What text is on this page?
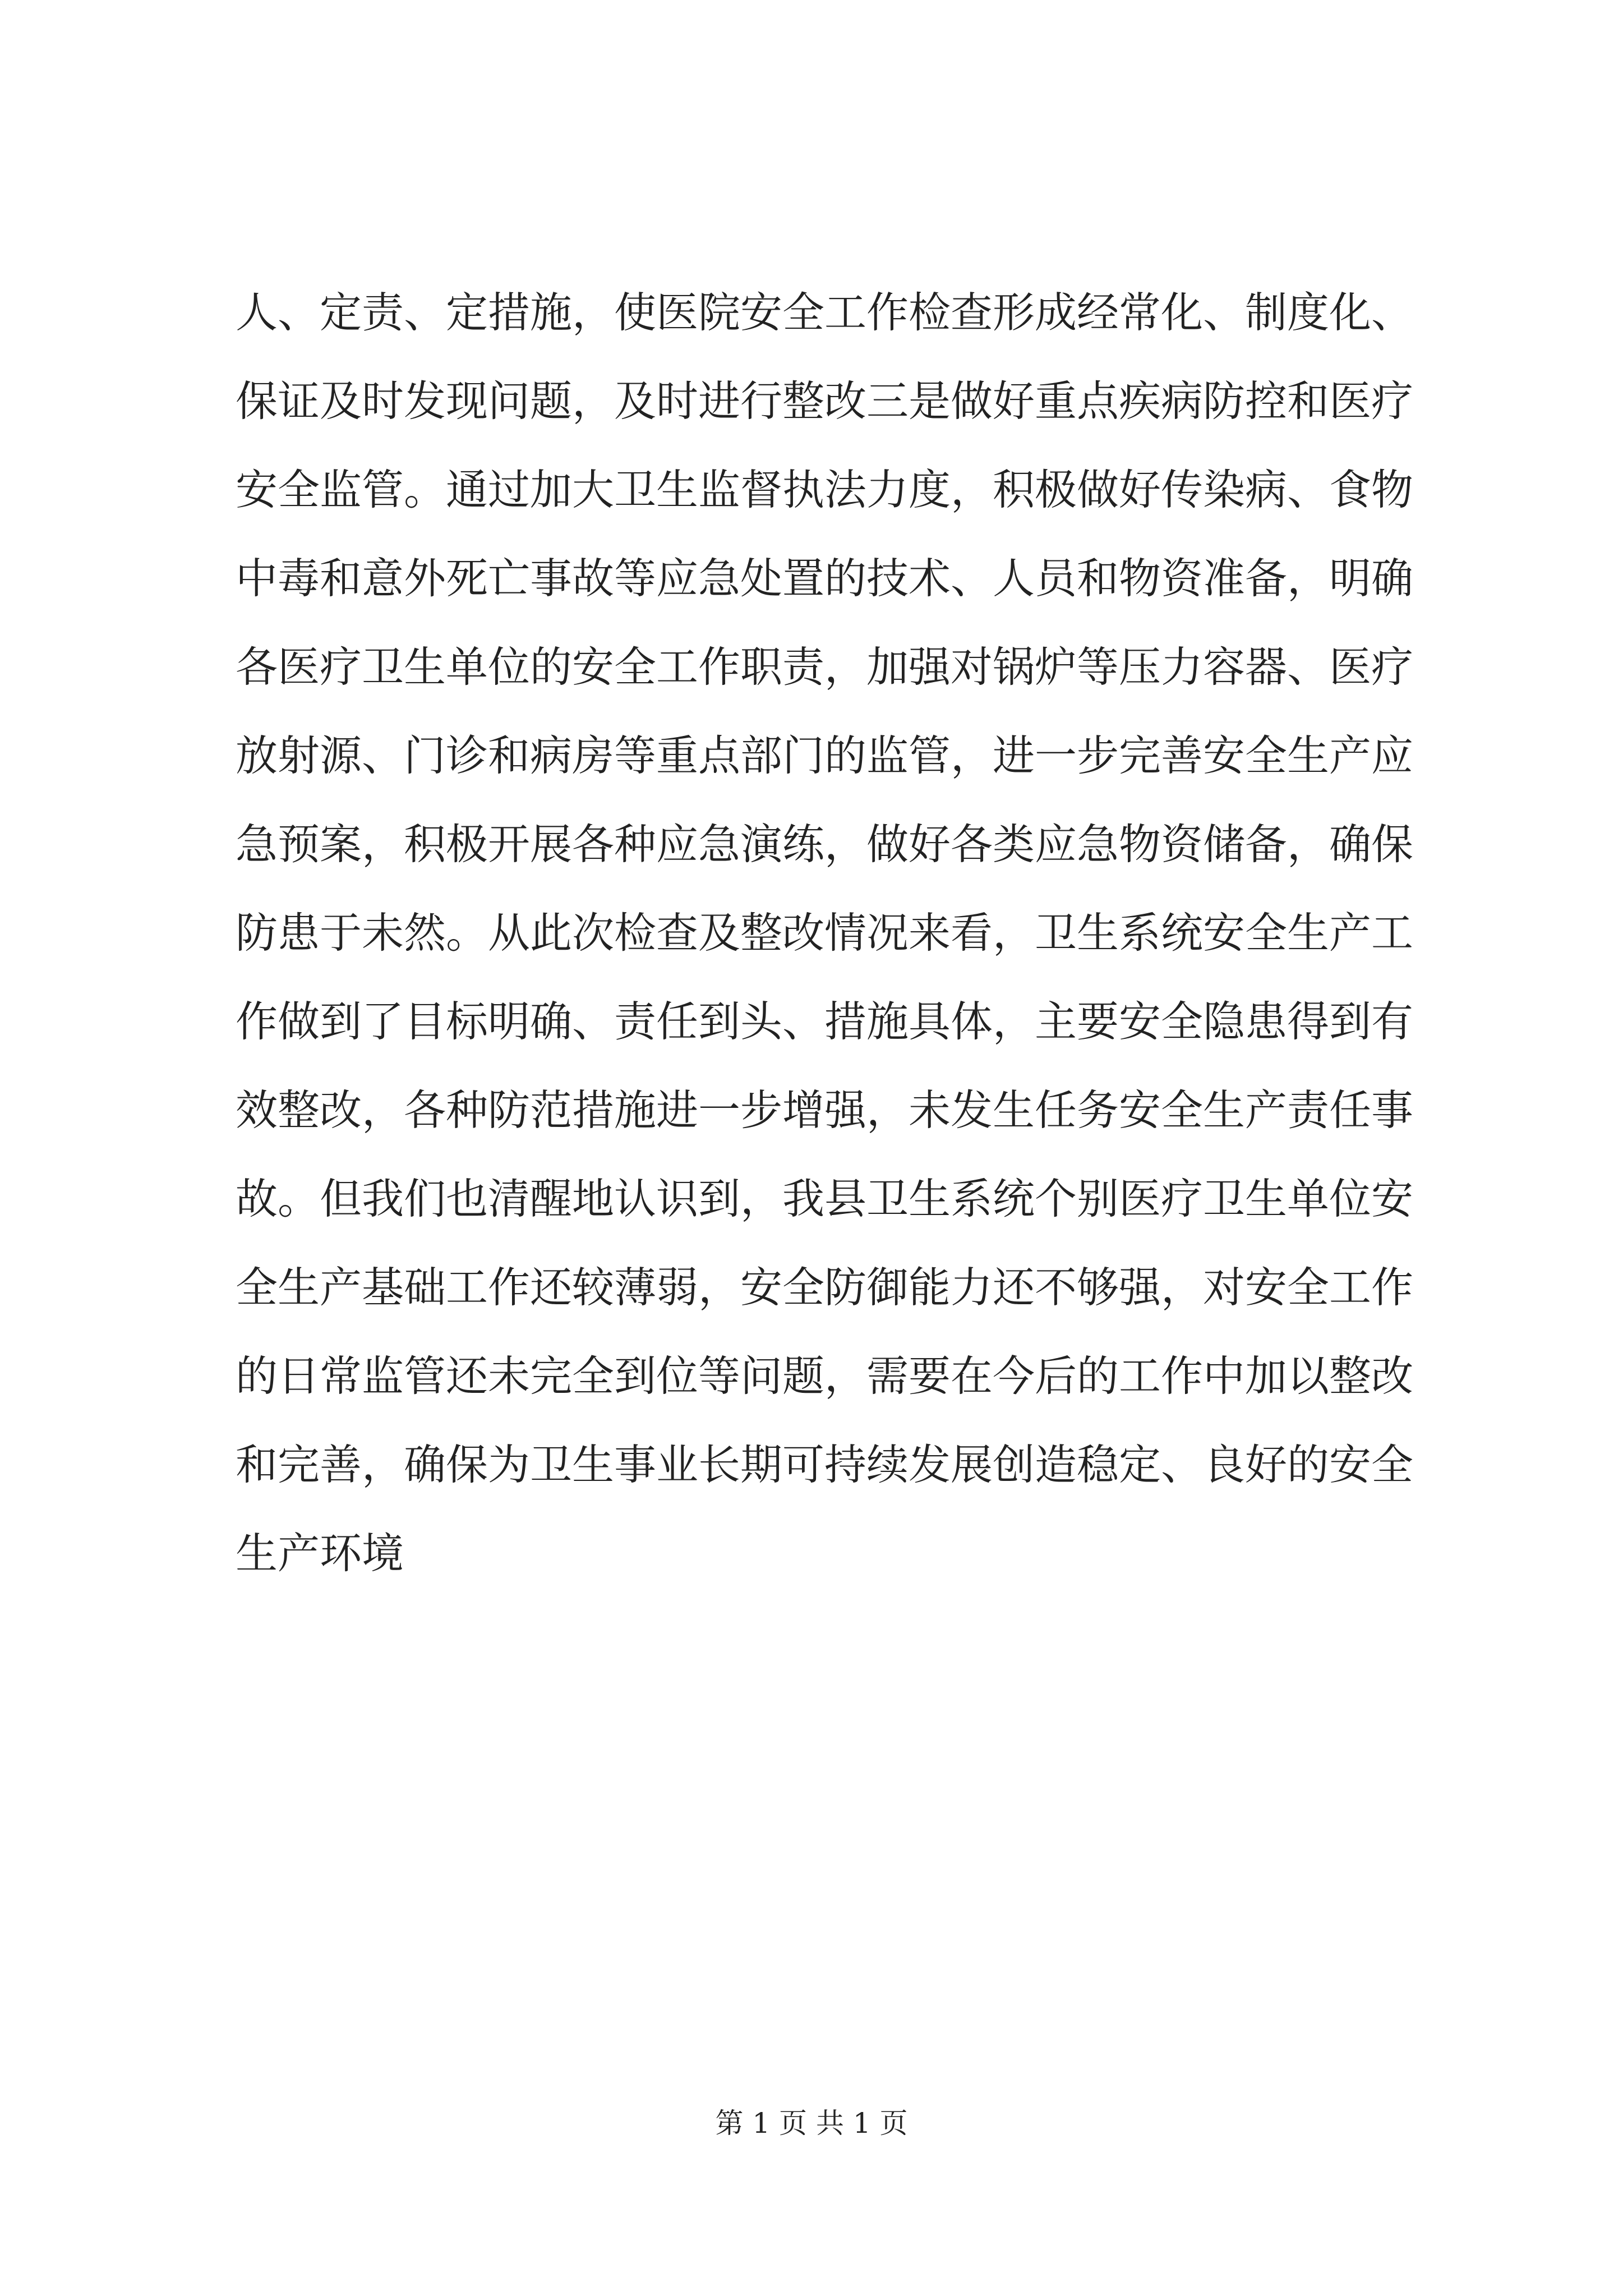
人、定责、定措施，使医院安全工作检查形成经常化、制度化、
保证及时发现问题，及时进行整改三是做好重点疾病防控和医疗
安全监管。通过加大卫生监督执法力度，积极做好传染病、食物
中毒和意外死亡事故等应急处置的技术、人员和物资准备，明确
各医疗卫生单位的安全工作职责，加强对锅炉等压力容器、医疗
放射源、门诊和病房等重点部门的监管，进一步完善安全生产应
急预案，积极开展各种应急演练，做好各类应急物资储备，确保
防患于未然。从此次检查及整改情况来看，卫生系统安全生产工
作做到了目标明确、责任到头、措施具体，主要安全隐患得到有
效整改，各种防范措施进一步增强，未发生任务安全生产责任事
故。但我们也清醒地认识到，我县卫生系统个别医疗卫生单位安
全生产基础工作还较薄弱，安全防御能力还不够强，对安全工作
的日常监管还未完全到位等问题，需要在今后的工作中加以整改
和完善，确保为卫生事业长期可持续发展创造稳定、良好的安全
生产环境
第 1 页 共 1 页
